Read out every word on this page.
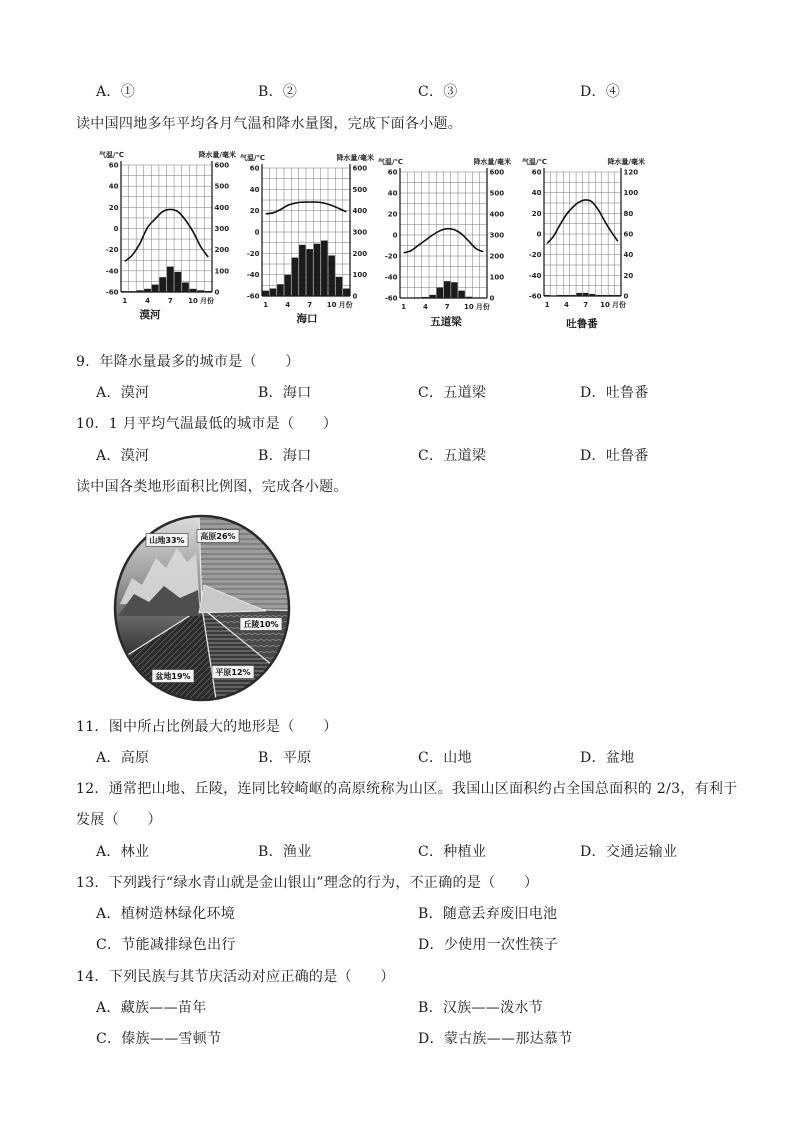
A．①	B．②	C．③	D．④
读中国四地多年平均各月气温和降水量图，完成下面各小题。
60
40
20
0
-20
-40
-60
600
500
400
300
200
100
0
1	4	7 10 月份
气温/℃	降水量/毫米
漠河
60
40
20
0
-20
-40
-60
600
500
400
300
200
100
0
1 4 7 10 月份
气温/℃	降水量/毫米
海口
60
40
20
0
-20
-40
-60
600
500
400
300
200
100
0
1 4 7 10 月份
气温/℃	降水量/毫米
五道梁
60
40
20
0
-20
-40
-60
120
100
80
60
40
20
0
1 4 7 10 月份
气温/℃	降水量/毫米
吐鲁番
9．年降水量最多的城市是（　　）
A．漠河	B．海口	C．五道梁	D．吐鲁番
10．1 月平均气温最低的城市是（　　）
A．漠河	B．海口	C．五道梁	D．吐鲁番
读中国各类地形面积比例图，完成各小题。
高原26%
丘陵10%
平原12%
盆地19%
山地33%
11．图中所占比例最大的地形是（　　）
A．高原	B．平原	C．山地	D．盆地
12．通常把山地、丘陵，连同比较崎岖的高原统称为山区。我国山区面积约占全国总面积的 2/3，有利于
发展（　　）
A．林业	B．渔业	C．种植业	D．交通运输业
13．下列践行“绿水青山就是金山银山”理念的行为，不正确的是（　　）
A．植树造林绿化环境	B．随意丢弃废旧电池
C．节能减排绿色出行	D．少使用一次性筷子
14．下列民族与其节庆活动对应正确的是（　　）
A．藏族——苗年	B．汉族——泼水节
C．傣族——雪顿节	D．蒙古族——那达慕节
